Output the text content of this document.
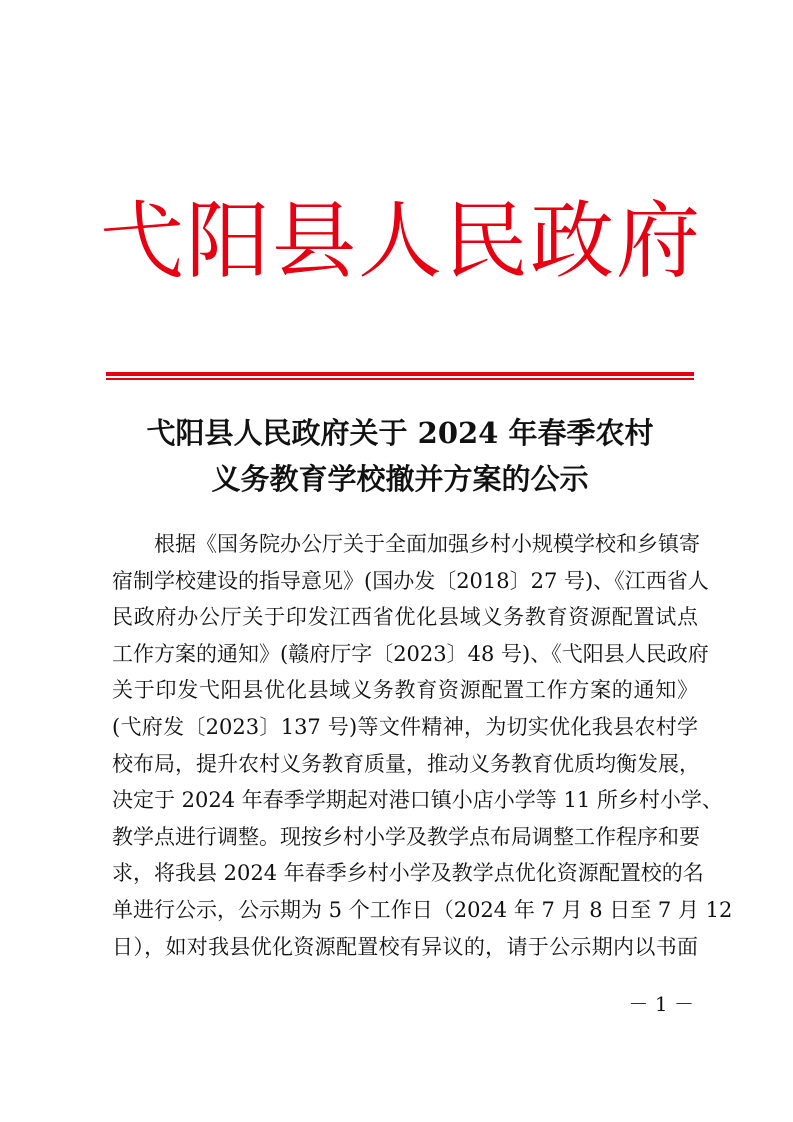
弋阳县人民政府
弋阳县人民政府关于 2024 年春季农村
义务教育学校撤并方案的公示
根据《国务院办公厅关于全面加强乡村小规模学校和乡镇寄
宿制学校建设的指导意见》(国办发〔2018〕27 号)、《江西省人
民政府办公厅关于印发江西省优化县域义务教育资源配置试点
工作方案的通知》(赣府厅字〔2023〕48 号)、《弋阳县人民政府
关于印发弋阳县优化县域义务教育资源配置工作方案的通知》
(弋府发〔2023〕137 号)等文件精神，为切实优化我县农村学
校布局，提升农村义务教育质量，推动义务教育优质均衡发展，
决定于 2024 年春季学期起对港口镇小店小学等 11 所乡村小学、
教学点进行调整。现按乡村小学及教学点布局调整工作程序和要
求，将我县 2024 年春季乡村小学及教学点优化资源配置校的名
单进行公示，公示期为 5 个工作日（2024 年 7 月 8 日至 7 月 12
日），如对我县优化资源配置校有异议的，请于公示期内以书面
－ 1 －
